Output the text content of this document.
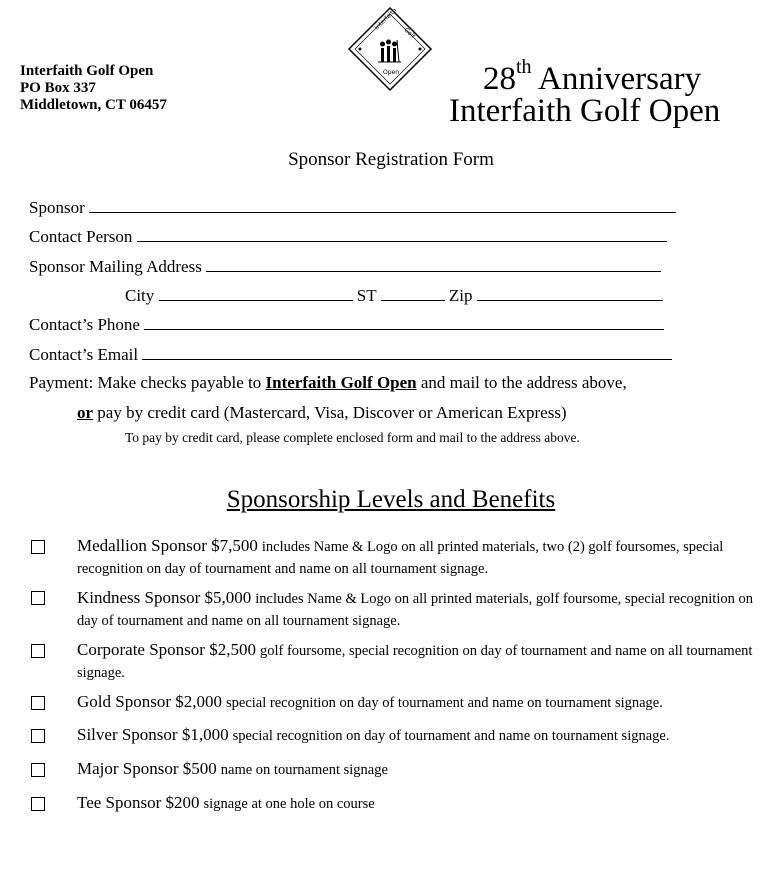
Interfaith Golf Open
PO Box 337
Middletown, CT 06457
Interfaith
Golf
Open	28th Anniversary
Interfaith Golf Open
Sponsor Registration Form
Sponsor
Contact Person
Sponsor Mailing Address
City	ST	Zip
Contact’s Phone
Contact’s Email
Payment: Make checks payable to Interfaith Golf Open and mail to the address above,
or pay by credit card (Mastercard, Visa, Discover or American Express)
To pay by credit card, please complete enclosed form and mail to the address above.
Sponsorship Levels and Benefits
Medallion Sponsor $7,500 includes Name & Logo on all printed materials, two (2) golf foursomes, special recognition on day of tournament and name on all tournament signage.
Kindness Sponsor $5,000 includes Name & Logo on all printed materials, golf foursome, special recognition on day of tournament and name on all tournament signage.
Corporate Sponsor $2,500 golf foursome, special recognition on day of tournament and name on all tournament signage.
Gold Sponsor $2,000 special recognition on day of tournament and name on tournament signage.
Silver Sponsor $1,000 special recognition on day of tournament and name on tournament signage.
Major Sponsor $500 name on tournament signage
Tee Sponsor $200 signage at one hole on course
